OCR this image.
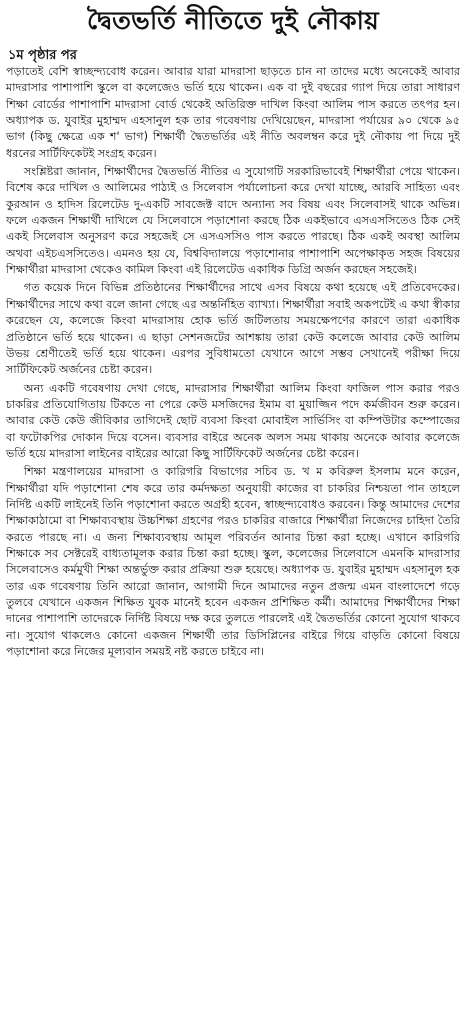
দ্বৈতভর্তি নীতিতে দুই নৌকায়
১ম পৃষ্ঠার পর

পড়াতেই বেশি স্বাচ্ছন্দ্যবোধ করেন। আবার যারা মাদরাসা ছাড়তে চান না তাদের মধ্যে অনেকেই আবার মাদরাসার পাশাপাশি স্কুলে বা কলেজেও ভর্তি হয়ে থাকেন। এক বা দুই বছরের গ্যাপ দিয়ে তারা সাধারণ শিক্ষা বোর্ডের পাশাপাশি মাদরাসা বোর্ড থেকেই অতিরিক্ত দাখিল কিংবা আলিম পাস করতে তৎপর হন। অধ্যাপক ড. যুবাইর মুহাম্মদ এহসানুল হক তার গবেষণায় দেখিয়েছেন, মাদরাসা পর্যায়ের ৯০ থেকে ৯৫ ভাগ (কিছু ক্ষেত্রে এক শ' ভাগ) শিক্ষার্থী দ্বৈতভর্তির এই নীতি অবলম্বন করে দুই নৌকায় পা দিয়ে দুই ধরনের সার্টিফিকেটই সংগ্রহ করেন।

সংশ্লিষ্টরা জানান, শিক্ষার্থীদের দ্বৈতভর্তি নীতির এ সুযোগটি সরকারিভাবেই শিক্ষার্থীরা পেয়ে থাকেন। বিশেষ করে দাখিল ও আলিমের পাঠ্যই ও সিলেবাস পর্যালোচনা করে দেখা যাচ্ছে, আরবি সাহিত্য এবং কুরআন ও হাদিস রিলেটেড দু-একটি সাবজেক্ট বাদে অন্যান্য সব বিষয় এবং সিলেবাসই থাকে অভিন্ন। ফলে একজন শিক্ষার্থী দাখিলে যে সিলেবাসে পড়াশোনা করছে ঠিক একইভাবে এসএসসিতেও ঠিক সেই একই সিলেবাস অনুসরণ করে সহজেই সে এসএসসিও পাস করতে পারছে। ঠিক একই অবস্থা আলিম অথবা এইচএসসিতেও। এমনও হয় যে, বিশ্ববিদ্যালয়ে পড়াশোনার পাশাপাশি অপেক্ষাকৃত সহজ বিষয়ের শিক্ষার্থীরা মাদরাসা থেকেও কামিল কিংবা এই রিলেটেড একাধিক ডিগ্রি অর্জন করছেন সহজেই।

গত কয়েক দিনে বিভিন্ন প্রতিষ্ঠানের শিক্ষার্থীদের সাথে এসব বিষয়ে কথা হয়েছে এই প্রতিবেদকের। শিক্ষার্থীদের সাথে কথা বলে জানা গেছে এর অন্তর্নিহিত ব্যাখ্যা। শিক্ষার্থীরা সবাই অকপটেই এ কথা স্বীকার করেছেন যে, কলেজে কিংবা মাদরাসায় হোক ভর্তি জটিলতায় সময়ক্ষেপণের কারণে তারা একাধিক প্রতিষ্ঠানে ভর্তি হয়ে থাকেন। এ ছাড়া সেশনজটের আশঙ্কায় তারা কেউ কলেজে আবার কেউ আলিম উভয় শ্রেণীতেই ভর্তি হয়ে থাকেন। এরপর সুবিধামতো যেখানে আগে সম্ভব সেখানেই পরীক্ষা দিয়ে সার্টিফিকেট অর্জনের চেষ্টা করেন।

অন্য একটি গবেষণায় দেখা গেছে, মাদরাসার শিক্ষার্থীরা আলিম কিংবা ফাজিল পাস করার পরও চাকরির প্রতিযোগিতায় টিকতে না পেরে কেউ মসজিদের ইমাম বা মুয়াজ্জিন পদে কর্মজীবন শুরু করেন। আবার কেউ কেউ জীবিকার তাগিদেই ছোট ব্যবসা কিংবা মোবাইল সার্ভিসিং বা কম্পিউটার কম্পোজের বা ফটোকপির দোকান দিয়ে বসেন। ব্যবসার বাইরে অনেক অলস সময় থাকায় অনেকে আবার কলেজে ভর্তি হয়ে মাদরাসা লাইনের বাইরের আরো কিছু সার্টিফিকেট অর্জনের চেষ্টা করেন।

শিক্ষা মন্ত্রণালয়ের মাদরাসা ও কারিগরি বিভাগের সচিব ড. খ ম কবিরুল ইসলাম মনে করেন, শিক্ষার্থীরা যদি পড়াশোনা শেষ করে তার কর্মদক্ষতা অনুযায়ী কাজের বা চাকরির নিশ্চয়তা পান তাহলে নির্দিষ্ট একটি লাইনেই তিনি পড়াশোনা করতে অগ্রহী হবেন, স্বাচ্ছন্দ্যবোধও করবেন। কিন্তু আমাদের দেশের শিক্ষাকাঠামো বা শিক্ষাব্যবস্থায় উচ্চশিক্ষা গ্রহণের পরও চাকরির বাজারে শিক্ষার্থীরা নিজেদের চাহিদা তৈরি করতে পারছে না। এ জন্য শিক্ষাব্যবস্থায় আমূল পরিবর্তন আনার চিন্তা করা হচ্ছে। এখানে কারিগরি শিক্ষাকে সব সেক্টরেই বাধ্যতামূলক করার চিন্তা করা হচ্ছে। স্কুল, কলেজের সিলেবাসে এমনকি মাদরাসার সিলেবাসেও কর্মমুখী শিক্ষা অন্তর্ভুক্ত করার প্রক্রিয়া শুরু হয়েছে। অধ্যাপক ড. যুবাইর মুহাম্মদ এহসানুল হক তার এক গবেষণায় তিনি আরো জানান, আগামী দিনে আমাদের নতুন প্রজন্ম এমন বাংলাদেশে গড়ে তুলবে যেখানে একজন শিক্ষিত যুবক মানেই হবেন একজন প্রশিক্ষিত কর্মী। আমাদের শিক্ষার্থীদের শিক্ষা দানের পাশাপাশি তাদেরকে নির্দিষ্ট বিষয়ে দক্ষ করে তুলতে পারলেই এই দ্বৈতভর্তির কোনো সুযোগ থাকবে না। সুযোগ থাকলেও কোনো একজন শিক্ষার্থী তার ডিসিপ্লিনের বাইরে গিয়ে বাড়তি কোনো বিষয়ে পড়াশোনা করে নিজের মূল্যবান সময়ই নষ্ট করতে চাইবে না।
